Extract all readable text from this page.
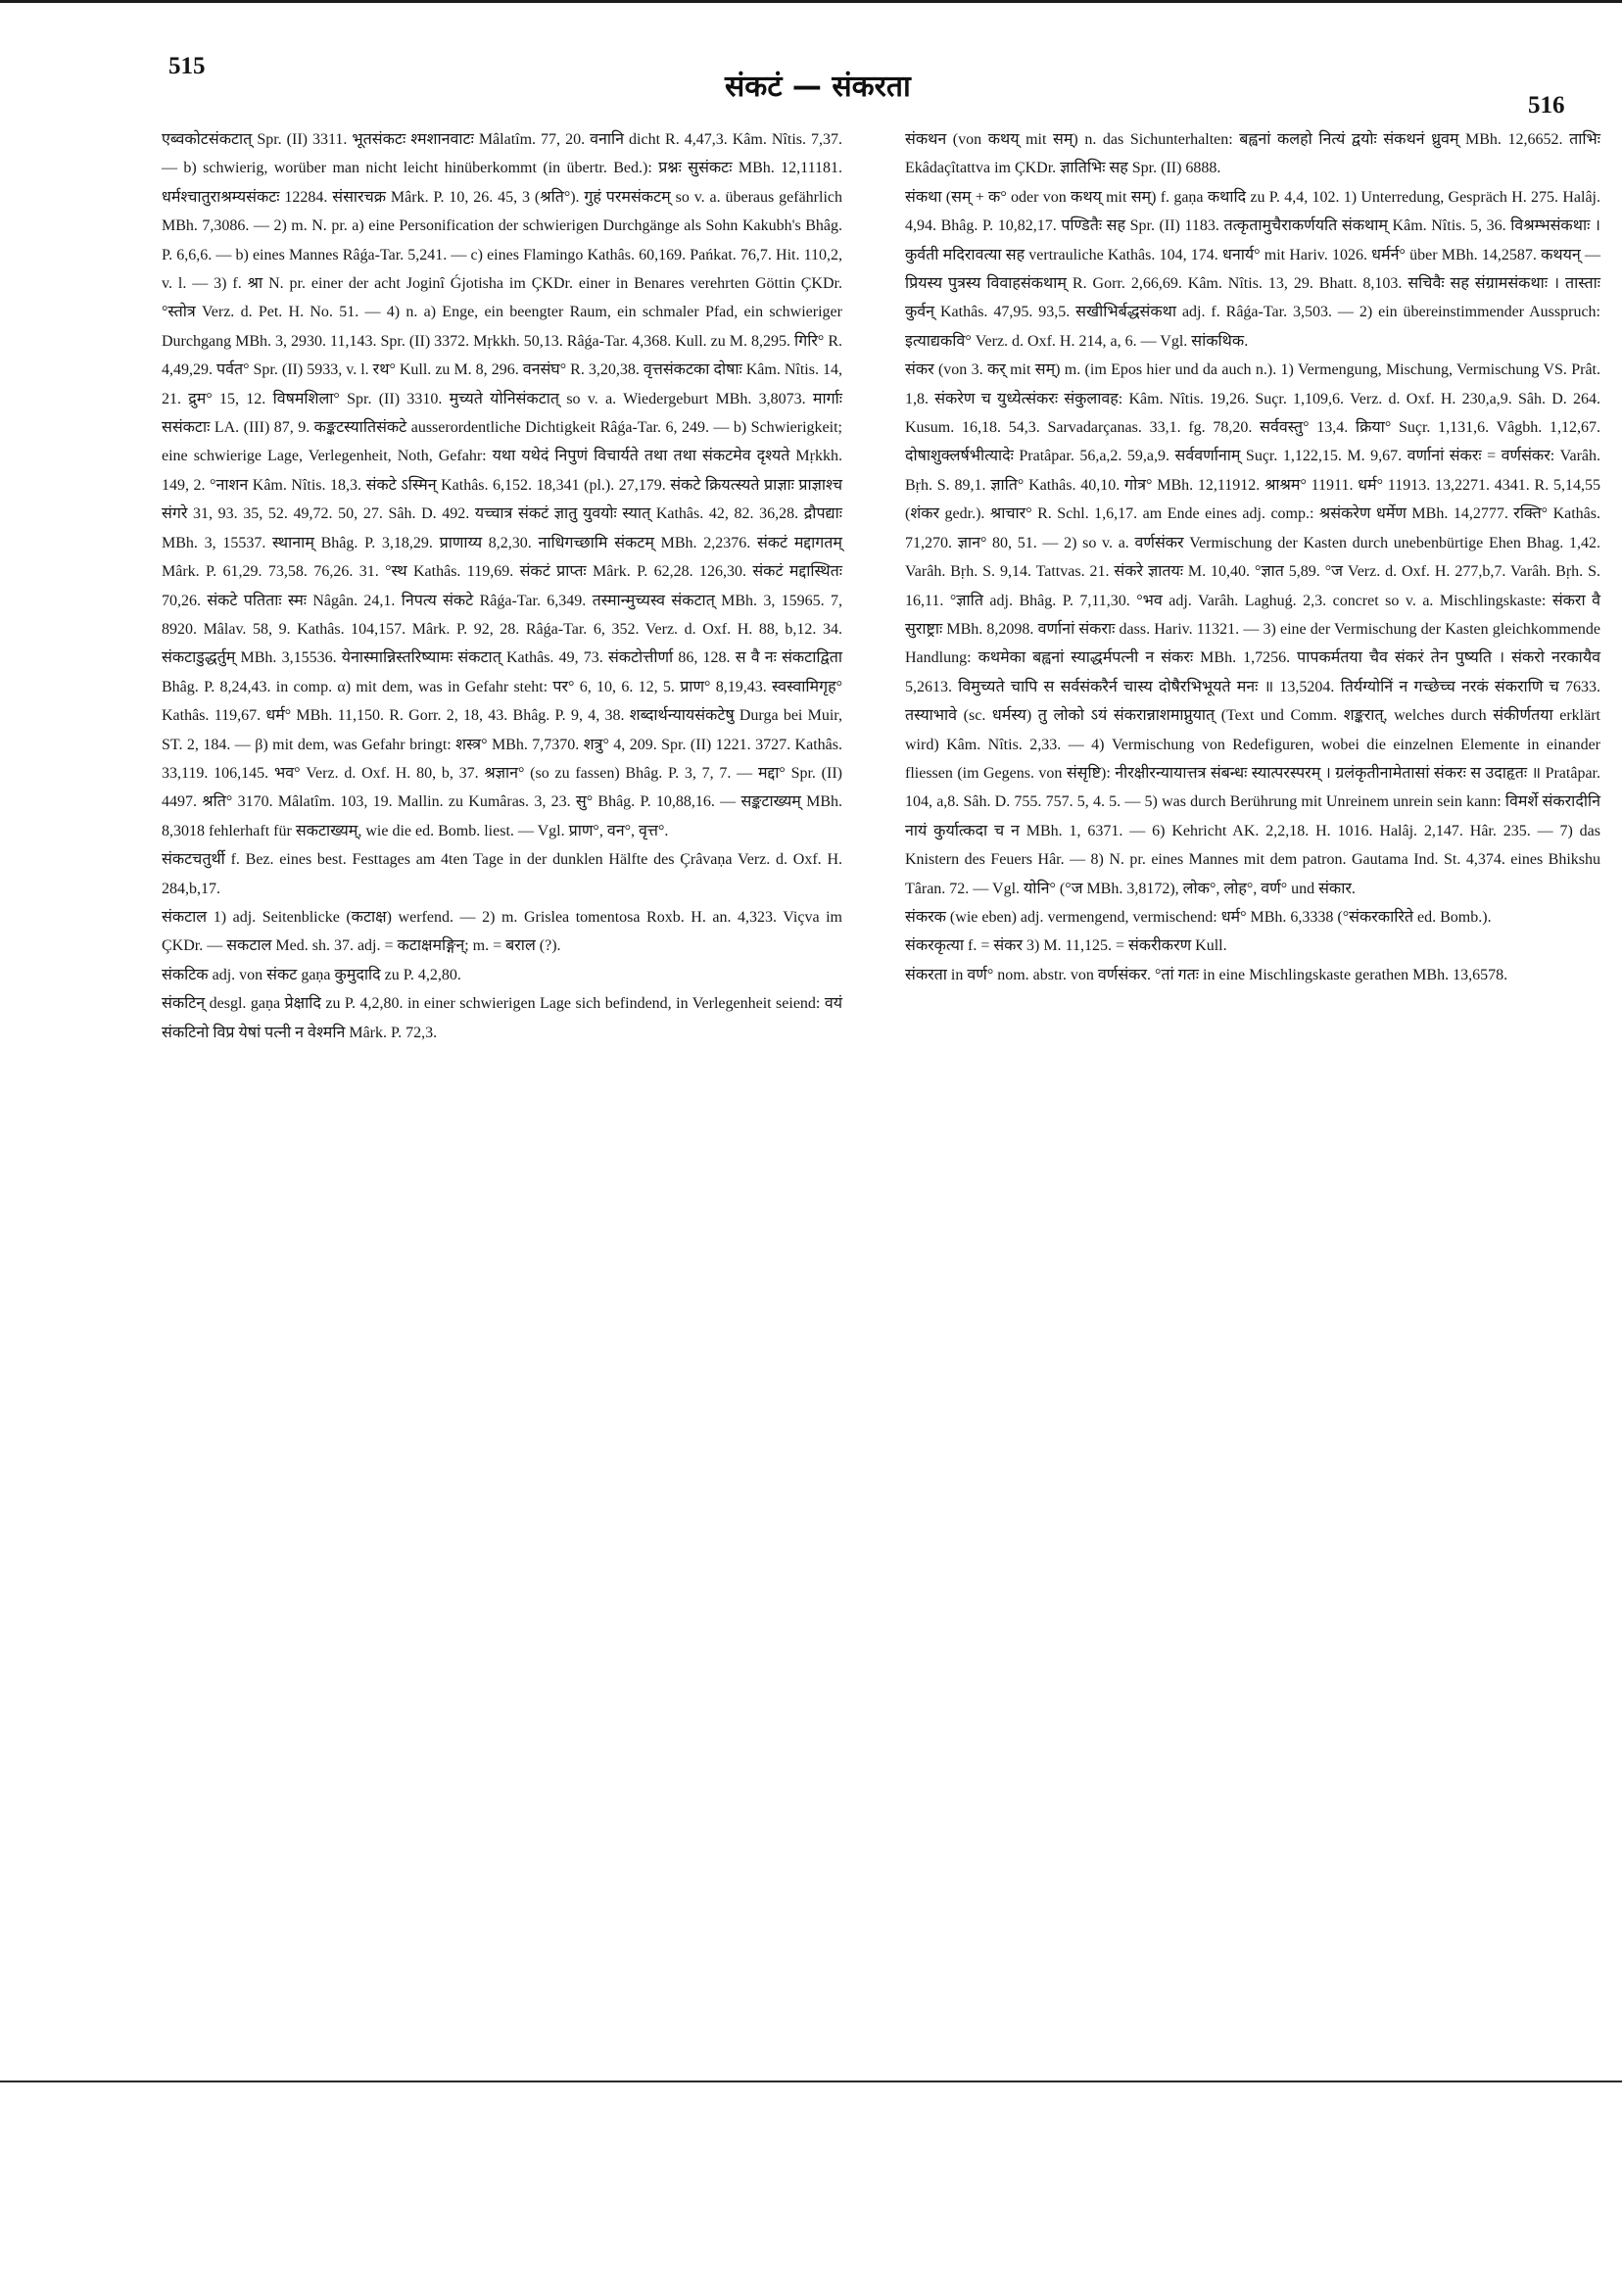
515
संकटं — संकरता
516

एब्वकोटसंकटात् Spr. (II) 3311. भूतसंकटः श्मशानवाटः Mâlatîm. 77, 20. वनानि dicht R. 4,47,3. Kâm. Nîtis. 7,37. — b) schwierig, worüber man nicht leicht hinüberkommt (in übertr. Bed.): प्रश्नः सुसंकटः MBh. 12,11181. धर्मश्चातुराश्रम्यसंकटः 12284. संसारचक्र Mârk. P. 10, 26. 45, 3 (श्रति°). गुहं परमसंकटम् so v. a. überaus gefährlich MBh. 7,3086. — 2) m. N. pr. a) eine Personification der schwierigen Durchgänge als Sohn Kakubh's Bhâg. P. 6,6,6. — b) eines Mannes Râǵa-Tar. 5,241. — c) eines Flamingo Kathâs. 60,169. Pańkat. 76,7. Hit. 110,2, v. l. — 3) f. श्रा N. pr. einer der acht Joginî Ǵjotisha im ÇKDr. einer in Benares verehrten Göttin ÇKDr. °स्तोत्र Verz. d. Pet. H. No. 51. — 4) n. a) Enge, ein beengter Raum, ein schmaler Pfad, ein schwieriger Durchgang MBh. 3, 2930. 11,143. Spr. (II) 3372. Mṛkkh. 50,13. Râǵa-Tar. 4,368. Kull. zu M. 8,295. गिरि° R. 4,49,29. पर्वत° Spr. (II) 5933, v. l. रथ° Kull. zu M. 8, 296. वनसंघ° R. 3,20,38. वृत्तसंकटका दोषाः Kâm. Nîtis. 14, 21. द्रुम° 15, 12. विषमशिला° Spr. (II) 3310. मुच्यते योनिसंकटात् so v. a. Wiedergeburt MBh. 3,8073. मार्गाः ससंकटाः LA. (III) 87, 9. कङ्कटस्यातिसंकटे ausserordentliche Dichtigkeit Râǵa-Tar. 6, 249. — b) Schwierigkeit; eine schwierige Lage, Verlegenheit, Noth, Gefahr: यथा यथेदं निपुणं विचार्यते तथा तथा संकटमेव दृश्यते Mṛkkh. 149, 2. °नाशन Kâm. Nîtis. 18,3. संकटे ऽस्मिन् Kathâs. 6,152. 18,341 (pl.). 27,179. संकटे क्रियत्स्यते प्राज्ञाः प्राज्ञाश्च संगरे 31, 93. 35, 52. 49,72. 50, 27. Sâh. D. 492. यच्चात्र संकटं ज्ञातु युवयोः स्यात् Kathâs. 42, 82. 36,28. द्रौपद्याः MBh. 3, 15537. स्थानाम् Bhâg. P. 3,18,29. प्राणाय्य 8,2,30. नाधिगच्छामि संकटम् MBh. 2,2376. संकटं मद्दागतम् Mârk. P. 61,29. 73,58. 76,26. 31. °स्थ Kathâs. 119,69. संकटं प्राप्तः Mârk. P. 62,28. 126,30. संकटं मद्दास्थितः 70,26. संकटे पतिताः स्मः Nâgân. 24,1. निपत्य संकटे Râǵa-Tar. 6,349. तस्मान्मुच्यस्व संकटात् MBh. 3, 15965. 7, 8920. Mâlav. 58, 9. Kathâs. 104,157. Mârk. P. 92, 28. Râǵa-Tar. 6, 352. Verz. d. Oxf. H. 88, b,12. 34. संकटाडुद्धर्तुम् MBh. 3,15536. येनास्मान्निस्तरिष्यामः संकटात् Kathâs. 49, 73. संकटोत्तीर्णा 86, 128. स वै नः संकटाद्विता Bhâg. P. 8,24,43. in comp. α) mit dem, was in Gefahr steht: पर° 6, 10, 6. 12, 5. प्राण° 8,19,43. स्वस्वामिगृह° Kathâs. 119,67. धर्म° MBh. 11,150. R. Gorr. 2, 18, 43. Bhâg. P. 9, 4, 38. शब्दार्थन्यायसंकटेषु Durga bei Muir, ST. 2, 184. — β) mit dem, was Gefahr bringt: शस्त्र° MBh. 7,7370. शत्रु° 4, 209. Spr. (II) 1221. 3727. Kathâs. 33,119. 106,145. भव° Verz. d. Oxf. H. 80, b, 37. श्रज्ञान° (so zu fassen) Bhâg. P. 3, 7, 7. — मद्दा° Spr. (II) 4497. श्रति° 3170. Mâlatîm. 103, 19. Mallin. zu Kumâras. 3, 23. सु° Bhâg. P. 10,88,16. — सङ्कटाख्यम् MBh. 8,3018 fehlerhaft für सकटाख्यम्, wie die ed. Bomb. liest. — Vgl. प्राण°, वन°, वृत्त°.

संकटचतुर्थी f. Bez. eines best. Festtages am 4ten Tage in der dunklen Hälfte des Çrâvaṇa Verz. d. Oxf. H. 284,b,17.

संकटाल 1) adj. Seitenblicke (कटाक्ष) werfend. — 2) m. Grislea tomentosa Roxb. H. an. 4,323. Viçva im ÇKDr. — सकटाल Med. sh. 37. adj. = कटाक्षमङ्गिन्; m. = बराल (?).

संकटिक adj. von संकट gaṇa कुमुदादि zu P. 4,2,80.

संकटिन् desgl. gaṇa प्रेक्षादि zu P. 4,2,80. in einer schwierigen Lage sich befindend, in Verlegenheit seiend: वयं संकटिनो विप्र येषां पत्नी न वेश्मनि Mârk. P. 72,3.

संकथन (von कथय् mit सम्) n. das Sichunterhalten: बह्वनां कलहो नित्यं द्वयोः संकथनं ध्रुवम् MBh. 12,6652. ताभिः Ekâdaçîtattva im ÇKDr. ज्ञातिभिः सह Spr. (II) 6888.

संकथा (सम् + क° oder von कथय् mit सम्) f. gaṇa कथादि zu P. 4,4, 102. 1) Unterredung, Gespräch H. 275. Halâj. 4,94. Bhâg. P. 10,82,17. पण्डितैः सह Spr. (II) 1183. तत्कृतामुचैराकर्णयति संकथाम् Kâm. Nîtis. 5, 36. विश्रम्भसंकथाः । कुर्वती मदिरावत्या सह vertrauliche Kathâs. 104, 174. धनार्य° mit Hariv. 1026. धर्मर्न° über MBh. 14,2587. कथयन् — प्रियस्य पुत्रस्य विवाहसंकथाम् R. Gorr. 2,66,69. Kâm. Nîtis. 13, 29. Bhatt. 8,103. सचिवैः सह संग्रामसंकथाः । तास्ताः कुर्वन् Kathâs. 47,95. 93,5. सखीभिर्बद्धसंकथा adj. f. Râǵa-Tar. 3,503. — 2) ein übereinstimmender Ausspruch: इत्याद्यकवि° Verz. d. Oxf. H. 214, a, 6. — Vgl. सांकथिक.

संकर (von 3. कर् mit सम्) m. (im Epos hier und da auch n.). 1) Vermengung, Mischung, Vermischung VS. Prât. 1,8. संकरेण च युध्येत्संकरः संकुलावह: Kâm. Nîtis. 19,26. Suçr. 1,109,6. Verz. d. Oxf. H. 230,a,9. Sâh. D. 264. Kusum. 16,18. 54,3. Sarvadarçanas. 33,1. fg. 78,20. सर्ववस्तु° 13,4. क्रिया° Suçr. 1,131,6. Vâgbh. 1,12,67. दोषाशुक्लर्षभीत्यादेः Pratâpar. 56,a,2. 59,a,9. सर्ववर्णानाम् Suçr. 1,122,15. M. 9,67. वर्णानां संकरः = वर्णसंकर: Varâh. Bṛh. S. 89,1. ज्ञाति° Kathâs. 40,10. गोत्र° MBh. 12,11912. श्राश्रम° 11911. धर्म° 11913. 13,2271. 4341. R. 5,14,55 (शंकर gedr.). श्राचार° R. Schl. 1,6,17. am Ende eines adj. comp.: श्रसंकरेण धर्मेण MBh. 14,2777. रक्ति° Kathâs. 71,270. ज्ञान° 80, 51. — 2) so v. a. वर्णसंकर Vermischung der Kasten durch unebenbürtige Ehen Bhag. 1,42. Varâh. Bṛh. S. 9,14. Tattvas. 21. संकरे ज्ञातयः M. 10,40. °ज्ञात 5,89. °ज Verz. d. Oxf. H. 277,b,7. Varâh. Bṛh. S. 16,11. °ज्ञाति adj. Bhâg. P. 7,11,30. °भव adj. Varâh. Laghuǵ. 2,3. concret so v. a. Mischlingskaste: संकरा वै सुराष्ट्राः MBh. 8,2098. वर्णानां संकराः dass. Hariv. 11321. — 3) eine der Vermischung der Kasten gleichkommende Handlung: कथमेका बह्वनां स्याद्धर्मपत्नी न संकरः MBh. 1,7256. पापकर्मतया चैव संकरं तेन पुष्यति । संकरो नरकायैव 5,2613. विमुच्यते चापि स सर्वसंकरैर्न चास्य दोषैरभिभूयते मनः ॥ 13,5204. तिर्यग्योनिं न गच्छेच्च नरकं संकराणि च 7633. तस्याभावे (sc. धर्मस्य) तु लोको ऽयं संकरान्नाशमाप्नुयात् (Text und Comm. शङ्करात्, welches durch संकीर्णतया erklärt wird) Kâm. Nîtis. 2,33. — 4) Vermischung von Redefiguren, wobei die einzelnen Elemente in einander fliessen (im Gegens. von संसृष्टि): नीरक्षीरन्यायात्तत्र संबन्धः स्यात्परस्परम् । ग्रलंकृतीनामेतासां संकरः स उदाहृतः ॥ Pratâpar. 104, a,8. Sâh. D. 755. 757. 5, 4. 5. — 5) was durch Berührung mit Unreinem unrein sein kann: विमर्शे संकरादीनि नायं कुर्यात्कदा च न MBh. 1, 6371. — 6) Kehricht AK. 2,2,18. H. 1016. Halâj. 2,147. Hâr. 235. — 7) das Knistern des Feuers Hâr. — 8) N. pr. eines Mannes mit dem patron. Gautama Ind. St. 4,374. eines Bhikshu Târan. 72. — Vgl. योनि° (°ज MBh. 3,8172), लोक°, लोह°, वर्ण° und संकार.

संकरक (wie eben) adj. vermengend, vermischend: धर्म° MBh. 6,3338 (°संकरकारिते ed. Bomb.).

संकरकृत्या f. = संकर 3) M. 11,125. = संकरीकरण Kull.

संकरता in वर्ण° nom. abstr. von वर्णसंकर. °तां गतः in eine Mischlingskaste gerathen MBh. 13,6578.
